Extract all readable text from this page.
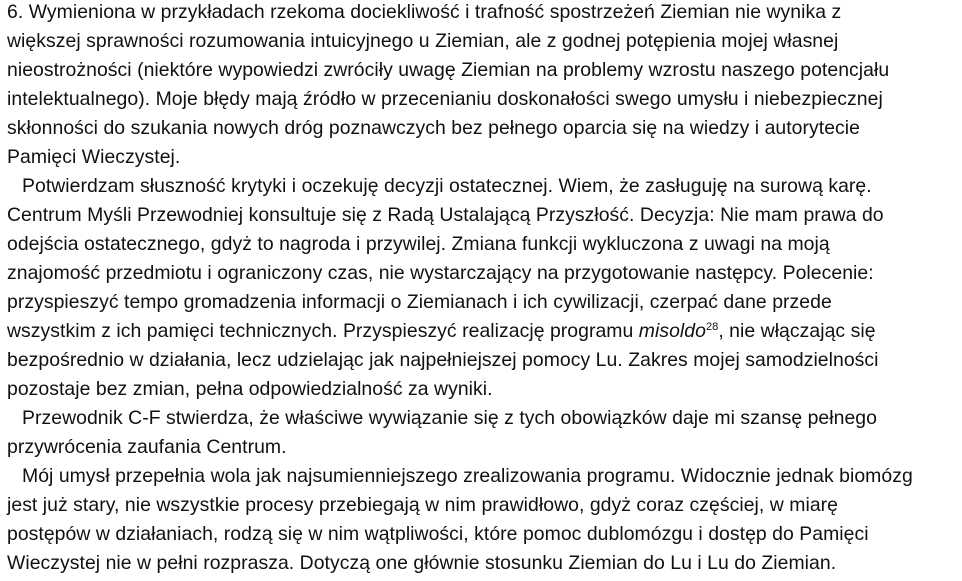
6. Wymieniona w przykładach rzekoma dociekliwość i trafność spostrzeżeń Ziemian nie wynika z
większej sprawności rozumowania intuicyjnego u Ziemian, ale z godnej potępienia mojej własnej
nieostrożności (niektóre wypowiedzi zwróciły uwagę Ziemian na problemy wzrostu naszego potencjału
intelektualnego). Moje błędy mają źródło w przecenianiu doskonałości swego umysłu i niebezpiecznej
skłonności do szukania nowych dróg poznawczych bez pełnego oparcia się na wiedzy i autorytecie
Pamięci Wieczystej.
Potwierdzam słuszność krytyki i oczekuję decyzji ostatecznej. Wiem, że zasługuję na surową karę.
Centrum Myśli Przewodniej konsultuje się z Radą Ustalającą Przyszłość. Decyzja: Nie mam prawa do
odejścia ostatecznego, gdyż to nagroda i przywilej. Zmiana funkcji wykluczona z uwagi na moją
znajomość przedmiotu i ograniczony czas, nie wystarczający na przygotowanie następcy. Polecenie:
przyspieszyć tempo gromadzenia informacji o Ziemianach i ich cywilizacji, czerpać dane przede
wszystkim z ich pamięci technicznych. Przyspieszyć realizację programu misoldo$^{28}$, nie włączając się
bezpośrednio w działania, lecz udzielając jak najpełniejszej pomocy Lu. Zakres mojej samodzielności
pozostaje bez zmian, pełna odpowiedzialność za wyniki.
Przewodnik C-F stwierdza, że właściwe wywiązanie się z tych obowiązków daje mi szansę pełnego
przywrócenia zaufania Centrum.
Mój umysł przepełnia wola jak najsumienniejszego zrealizowania programu. Widocznie jednak biomózg
jest już stary, nie wszystkie procesy przebiegają w nim prawidłowo, gdyż coraz częściej, w miarę
postępów w działaniach, rodzą się w nim wątpliwości, które pomoc dublomózgu i dostęp do Pamięci
Wieczystej nie w pełni rozprasza. Dotyczą one głównie stosunku Ziemian do Lu i Lu do Ziemian.
